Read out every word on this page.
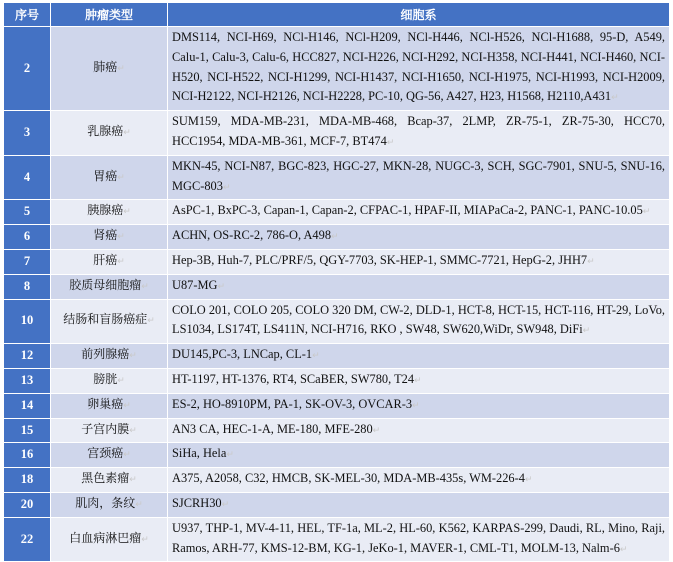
序号	肿瘤类型	细胞系
2	肺癌↵	DMS114, NCI-H69, NCl-H146, NCl-H209, NCl-H446, NCl-H526, NCl-H1688, 95-D, A549, Calu-1, Calu-3, Calu-6, HCC827, NCI-H226, NCI-H292, NCI-H358, NCI-H441, NCI-H460, NCI-H520, NCI-H522, NCI-H1299, NCI-H1437, NCI-H1650, NCI-H1975, NCI-H1993, NCI-H2009, NCI-H2122, NCI-H2126, NCI-H2228, PC-10, QG-56, A427, H23, H1568, H2110,A431↵
3	乳腺癌↵	SUM159, MDA-MB-231, MDA-MB-468, Bcap-37, 2LMP, ZR-75-1, ZR-75-30, HCC70, HCC1954, MDA-MB-361, MCF-7, BT474↵
4	胃癌↵	MKN-45, NCI-N87, BGC-823, HGC-27, MKN-28, NUGC-3, SCH, SGC-7901, SNU-5, SNU-16, MGC-803↵
5	胰腺癌↵	AsPC-1, BxPC-3, Capan-1, Capan-2, CFPAC-1, HPAF-II, MIAPaCa-2, PANC-1, PANC-10.05↵
6	肾癌↵	ACHN, OS-RC-2, 786-O, A498↵
7	肝癌↵	Hep-3B, Huh-7, PLC/PRF/5, QGY-7703, SK-HEP-1, SMMC-7721, HepG-2, JHH7↵
8	胶质母细胞瘤↵	U87-MG↵
10	结肠和盲肠癌症↵	COLO 201, COLO 205, COLO 320 DM, CW-2, DLD-1, HCT-8, HCT-15, HCT-116, HT-29, LoVo, LS1034, LS174T, LS411N, NCI-H716, RKO , SW48, SW620,WiDr, SW948, DiFi↵
12	前列腺癌↵	DU145,PC-3, LNCap, CL-1↵
13	膀胱↵	HT-1197, HT-1376, RT4, SCaBER, SW780, T24↵
14	卵巢癌↵	ES-2, HO-8910PM, PA-1, SK-OV-3, OVCAR-3↵
15	子宫内膜↵	AN3 CA, HEC-1-A, ME-180, MFE-280↵
16	宫颈癌↵	SiHa, Hela↵
18	黑色素瘤↵	A375, A2058, C32, HMCB, SK-MEL-30, MDA-MB-435s, WM-226-4↵
20	肌肉，条纹↵	SJCRH30↵
22	白血病淋巴瘤↵	U937, THP-1, MV-4-11, HEL, TF-1a, ML-2, HL-60, K562, KARPAS-299, Daudi, RL, Mino, Raji, Ramos, ARH-77, KMS-12-BM, KG-1, JeKo-1, MAVER-1, CML-T1, MOLM-13, Nalm-6↵
